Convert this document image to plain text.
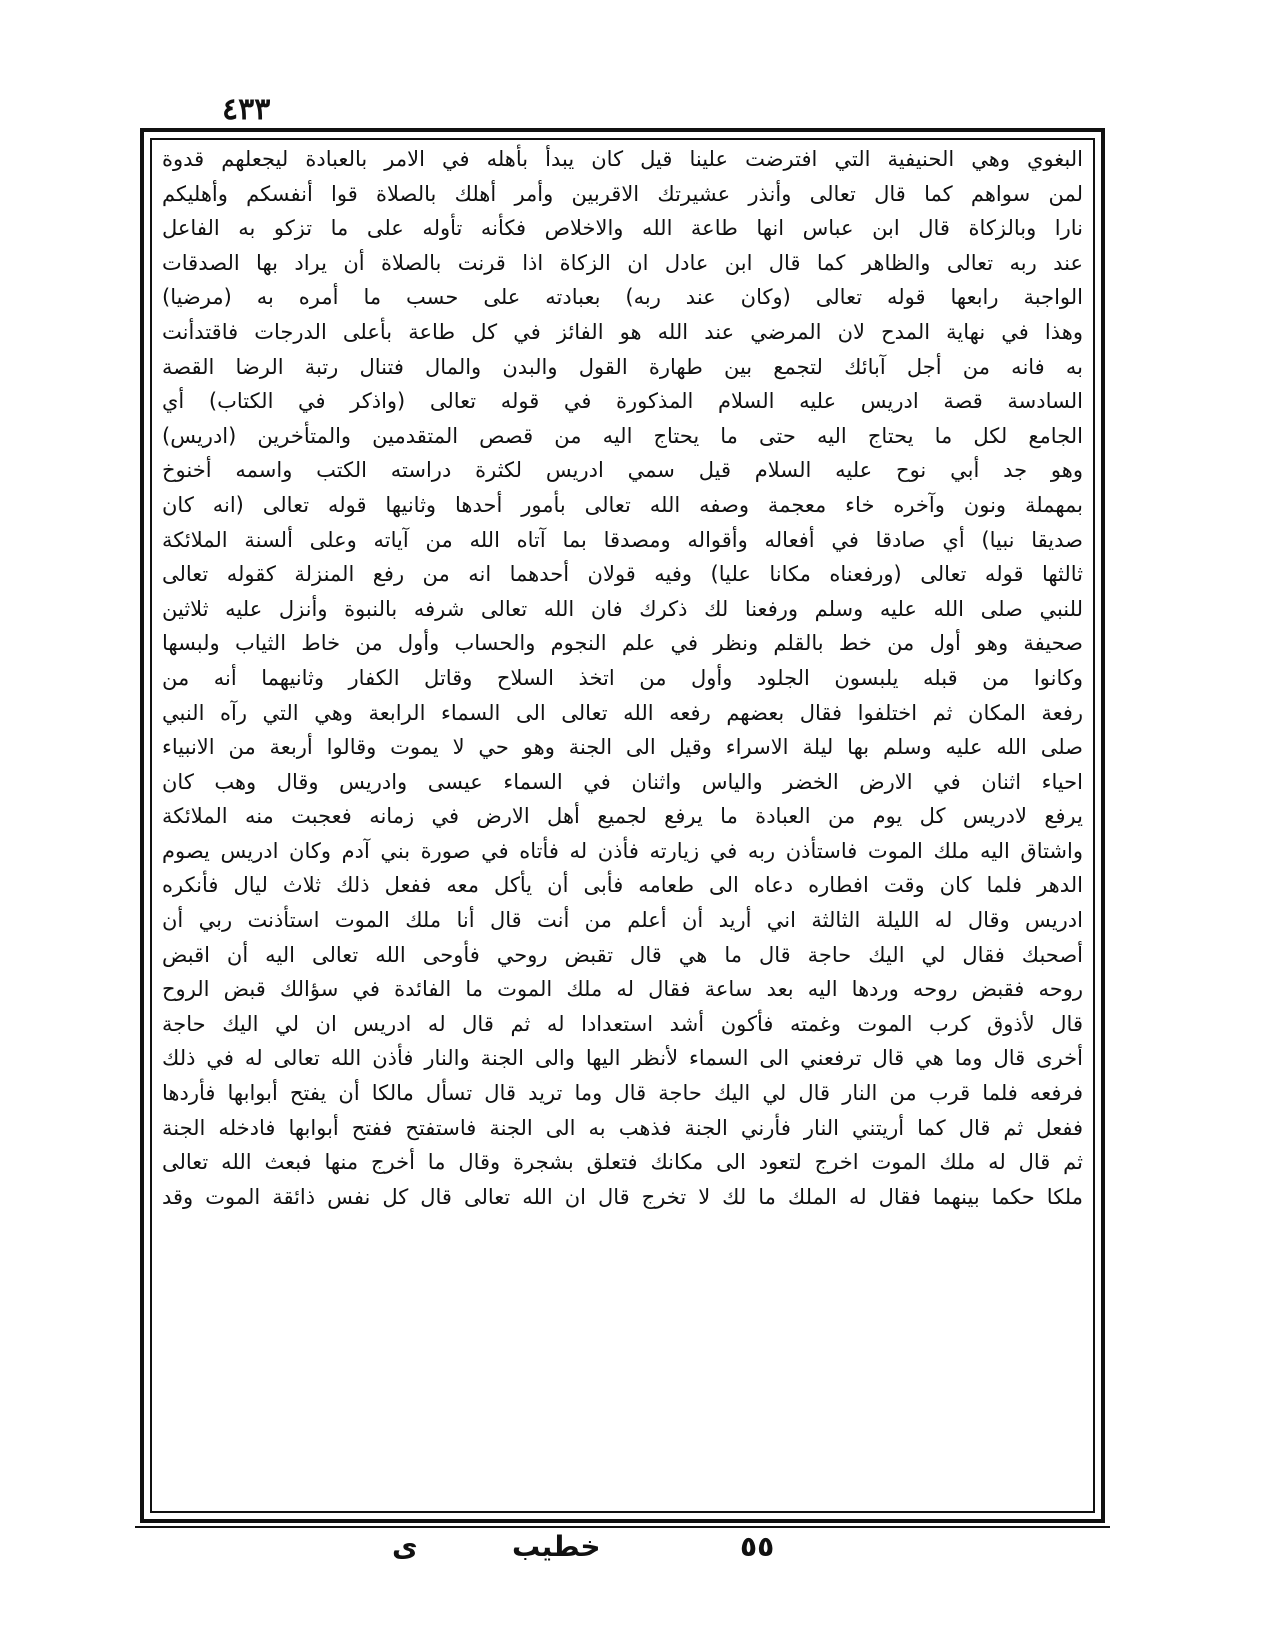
٤٣٣
البغوي وهي الحنيفية التي افترضت علينا قيل كان يبدأ بأهله في الامر بالعبادة ليجعلهم قدوة
لمن سواهم كما قال تعالى وأنذر عشيرتك الاقربين وأمر أهلك بالصلاة قوا أنفسكم وأهليكم
نارا وبالزكاة قال ابن عباس انها طاعة الله والاخلاص فكأنه تأوله على ما تزكو به الفاعل
عند ربه تعالى والظاهر كما قال ابن عادل ان الزكاة اذا قرنت بالصلاة أن يراد بها الصدقات
الواجبة رابعها قوله تعالى (وكان عند ربه) بعبادته على حسب ما أمره به (مرضيا)
وهذا في نهاية المدح لان المرضي عند الله هو الفائز في كل طاعة بأعلى الدرجات فاقتدأنت
به فانه من أجل آبائك لتجمع بين طهارة القول والبدن والمال فتنال رتبة الرضا القصة
السادسة قصة ادريس عليه السلام المذكورة في قوله تعالى (واذكر في الكتاب) أي
الجامع لكل ما يحتاج اليه حتى ما يحتاج اليه من قصص المتقدمين والمتأخرين (ادريس)
وهو جد أبي نوح عليه السلام قيل سمي ادريس لكثرة دراسته الكتب واسمه أخنوخ
بمهملة ونون وآخره خاء معجمة وصفه الله تعالى بأمور أحدها وثانيها قوله تعالى (انه كان
صديقا نبيا) أي صادقا في أفعاله وأقواله ومصدقا بما آتاه الله من آياته وعلى ألسنة الملائكة
ثالثها قوله تعالى (ورفعناه مكانا عليا) وفيه قولان أحدهما انه من رفع المنزلة كقوله تعالى
للنبي صلى الله عليه وسلم ورفعنا لك ذكرك فان الله تعالى شرفه بالنبوة وأنزل عليه ثلاثين
صحيفة وهو أول من خط بالقلم ونظر في علم النجوم والحساب وأول من خاط الثياب ولبسها
وكانوا من قبله يلبسون الجلود وأول من اتخذ السلاح وقاتل الكفار وثانيهما أنه من
رفعة المكان ثم اختلفوا فقال بعضهم رفعه الله تعالى الى السماء الرابعة وهي التي رآه النبي
صلى الله عليه وسلم بها ليلة الاسراء وقيل الى الجنة وهو حي لا يموت وقالوا أربعة من الانبياء
احياء اثنان في الارض الخضر والياس واثنان في السماء عيسى وادريس وقال وهب كان
يرفع لادريس كل يوم من العبادة ما يرفع لجميع أهل الارض في زمانه فعجبت منه الملائكة
واشتاق اليه ملك الموت فاستأذن ربه في زيارته فأذن له فأتاه في صورة بني آدم وكان ادريس يصوم
الدهر فلما كان وقت افطاره دعاه الى طعامه فأبى أن يأكل معه ففعل ذلك ثلاث ليال فأنكره
ادريس وقال له الليلة الثالثة اني أريد أن أعلم من أنت قال أنا ملك الموت استأذنت ربي أن
أصحبك فقال لي اليك حاجة قال ما هي قال تقبض روحي فأوحى الله تعالى اليه أن اقبض
روحه فقبض روحه وردها اليه بعد ساعة فقال له ملك الموت ما الفائدة في سؤالك قبض الروح
قال لأذوق كرب الموت وغمته فأكون أشد استعدادا له ثم قال له ادريس ان لي اليك حاجة
أخرى قال وما هي قال ترفعني الى السماء لأنظر اليها والى الجنة والنار فأذن الله تعالى له في ذلك
فرفعه فلما قرب من النار قال لي اليك حاجة قال وما تريد قال تسأل مالكا أن يفتح أبوابها فأردها
ففعل ثم قال كما أريتني النار فأرني الجنة فذهب به الى الجنة فاستفتح ففتح أبوابها فادخله الجنة
ثم قال له ملك الموت اخرج لتعود الى مكانك فتعلق بشجرة وقال ما أخرج منها فبعث الله تعالى
ملكا حكما بينهما فقال له الملك ما لك لا تخرج قال ان الله تعالى قال كل نفس ذائقة الموت وقد
٥٥
خطيب
ى
